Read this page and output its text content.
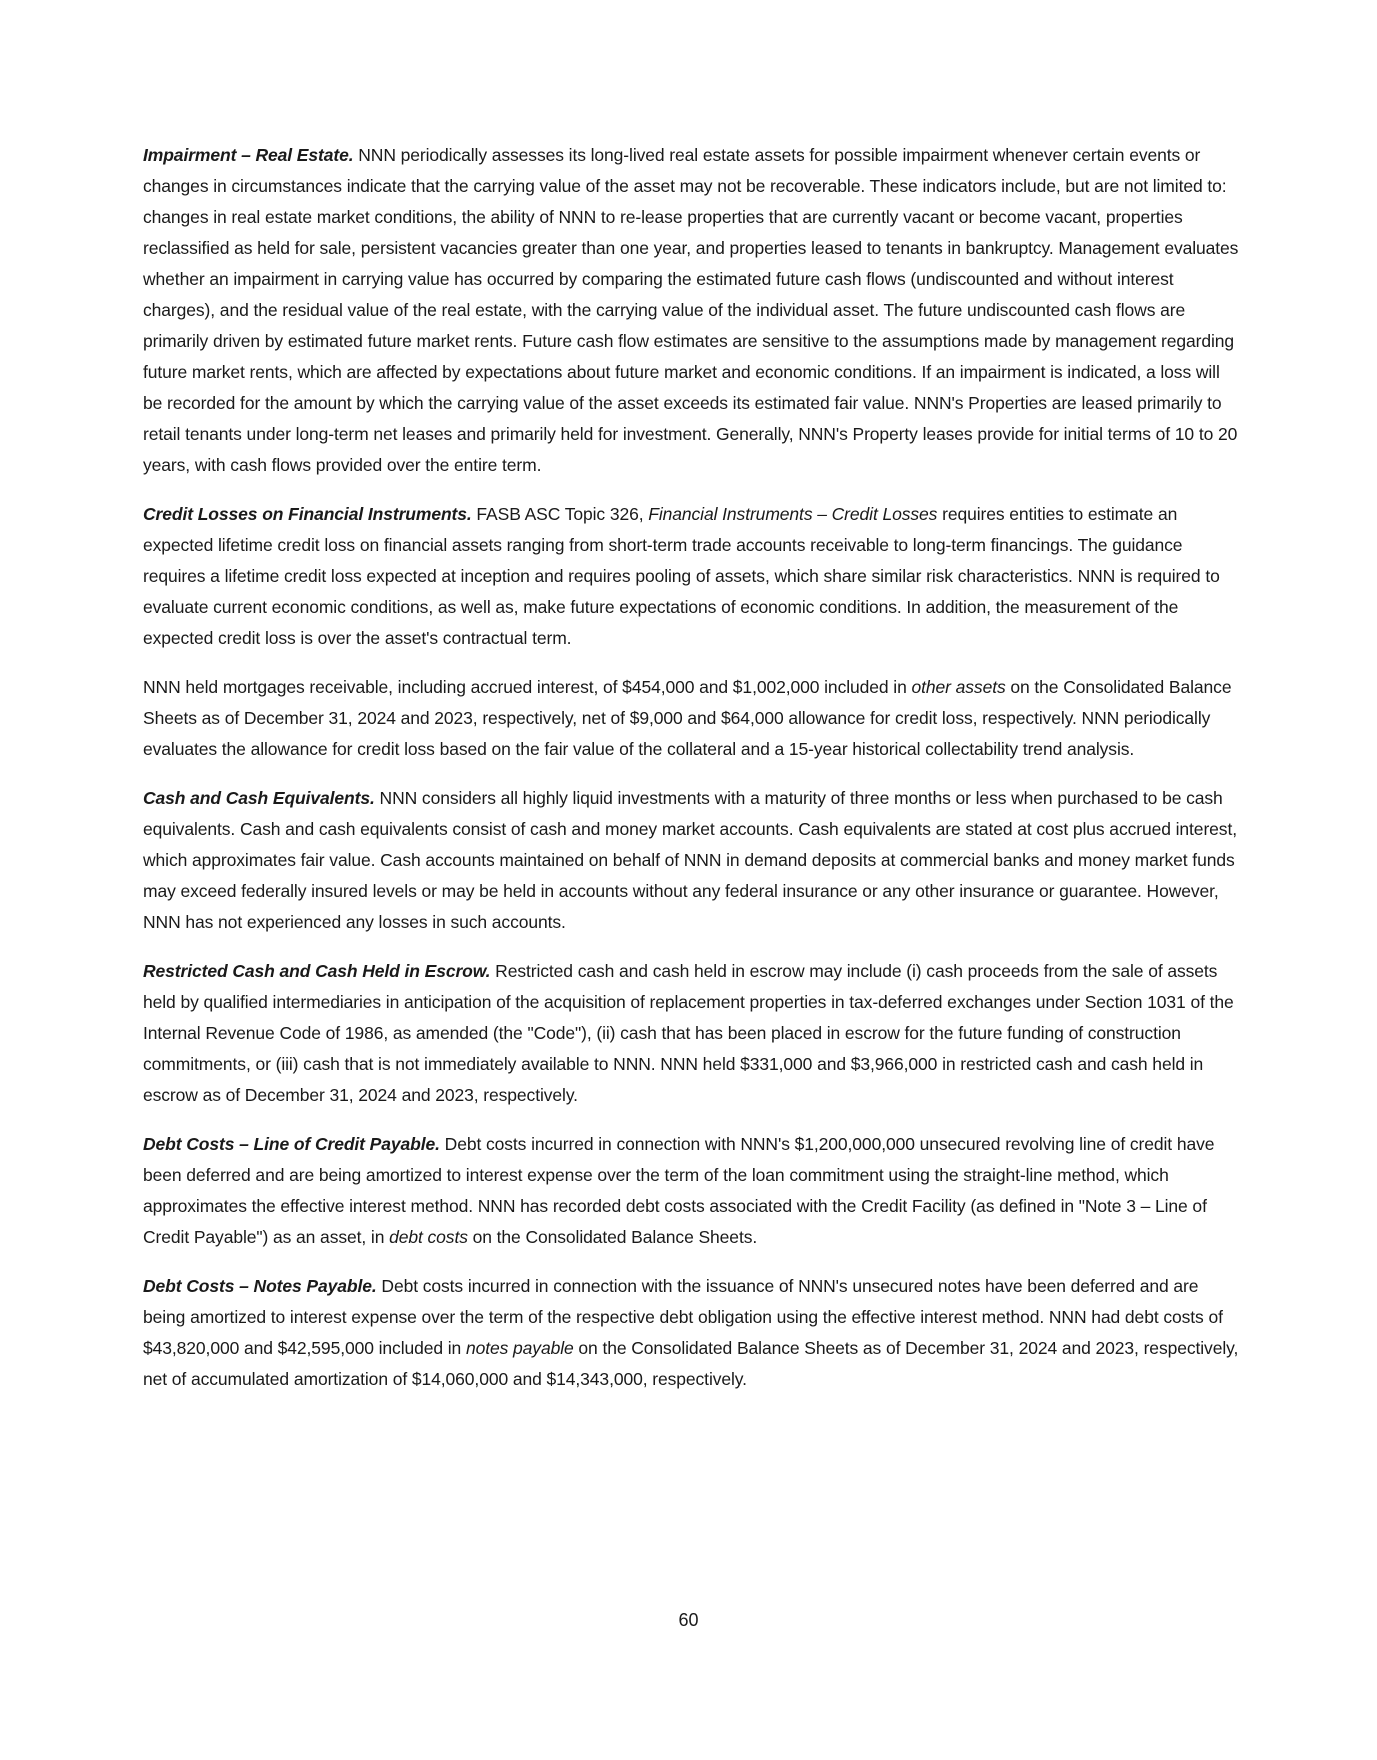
Impairment – Real Estate. NNN periodically assesses its long-lived real estate assets for possible impairment whenever certain events or changes in circumstances indicate that the carrying value of the asset may not be recoverable. These indicators include, but are not limited to: changes in real estate market conditions, the ability of NNN to re-lease properties that are currently vacant or become vacant, properties reclassified as held for sale, persistent vacancies greater than one year, and properties leased to tenants in bankruptcy. Management evaluates whether an impairment in carrying value has occurred by comparing the estimated future cash flows (undiscounted and without interest charges), and the residual value of the real estate, with the carrying value of the individual asset. The future undiscounted cash flows are primarily driven by estimated future market rents. Future cash flow estimates are sensitive to the assumptions made by management regarding future market rents, which are affected by expectations about future market and economic conditions. If an impairment is indicated, a loss will be recorded for the amount by which the carrying value of the asset exceeds its estimated fair value. NNN's Properties are leased primarily to retail tenants under long-term net leases and primarily held for investment. Generally, NNN's Property leases provide for initial terms of 10 to 20 years, with cash flows provided over the entire term.

Credit Losses on Financial Instruments. FASB ASC Topic 326, Financial Instruments – Credit Losses requires entities to estimate an expected lifetime credit loss on financial assets ranging from short-term trade accounts receivable to long-term financings. The guidance requires a lifetime credit loss expected at inception and requires pooling of assets, which share similar risk characteristics. NNN is required to evaluate current economic conditions, as well as, make future expectations of economic conditions. In addition, the measurement of the expected credit loss is over the asset's contractual term.

NNN held mortgages receivable, including accrued interest, of $454,000 and $1,002,000 included in other assets on the Consolidated Balance Sheets as of December 31, 2024 and 2023, respectively, net of $9,000 and $64,000 allowance for credit loss, respectively. NNN periodically evaluates the allowance for credit loss based on the fair value of the collateral and a 15-year historical collectability trend analysis.

Cash and Cash Equivalents. NNN considers all highly liquid investments with a maturity of three months or less when purchased to be cash equivalents. Cash and cash equivalents consist of cash and money market accounts. Cash equivalents are stated at cost plus accrued interest, which approximates fair value. Cash accounts maintained on behalf of NNN in demand deposits at commercial banks and money market funds may exceed federally insured levels or may be held in accounts without any federal insurance or any other insurance or guarantee. However, NNN has not experienced any losses in such accounts.

Restricted Cash and Cash Held in Escrow. Restricted cash and cash held in escrow may include (i) cash proceeds from the sale of assets held by qualified intermediaries in anticipation of the acquisition of replacement properties in tax-deferred exchanges under Section 1031 of the Internal Revenue Code of 1986, as amended (the "Code"), (ii) cash that has been placed in escrow for the future funding of construction commitments, or (iii) cash that is not immediately available to NNN. NNN held $331,000 and $3,966,000 in restricted cash and cash held in escrow as of December 31, 2024 and 2023, respectively.

Debt Costs – Line of Credit Payable. Debt costs incurred in connection with NNN's $1,200,000,000 unsecured revolving line of credit have been deferred and are being amortized to interest expense over the term of the loan commitment using the straight-line method, which approximates the effective interest method. NNN has recorded debt costs associated with the Credit Facility (as defined in "Note 3 – Line of Credit Payable") as an asset, in debt costs on the Consolidated Balance Sheets.

Debt Costs – Notes Payable. Debt costs incurred in connection with the issuance of NNN's unsecured notes have been deferred and are being amortized to interest expense over the term of the respective debt obligation using the effective interest method. NNN had debt costs of $43,820,000 and $42,595,000 included in notes payable on the Consolidated Balance Sheets as of December 31, 2024 and 2023, respectively, net of accumulated amortization of $14,060,000 and $14,343,000, respectively.

60
